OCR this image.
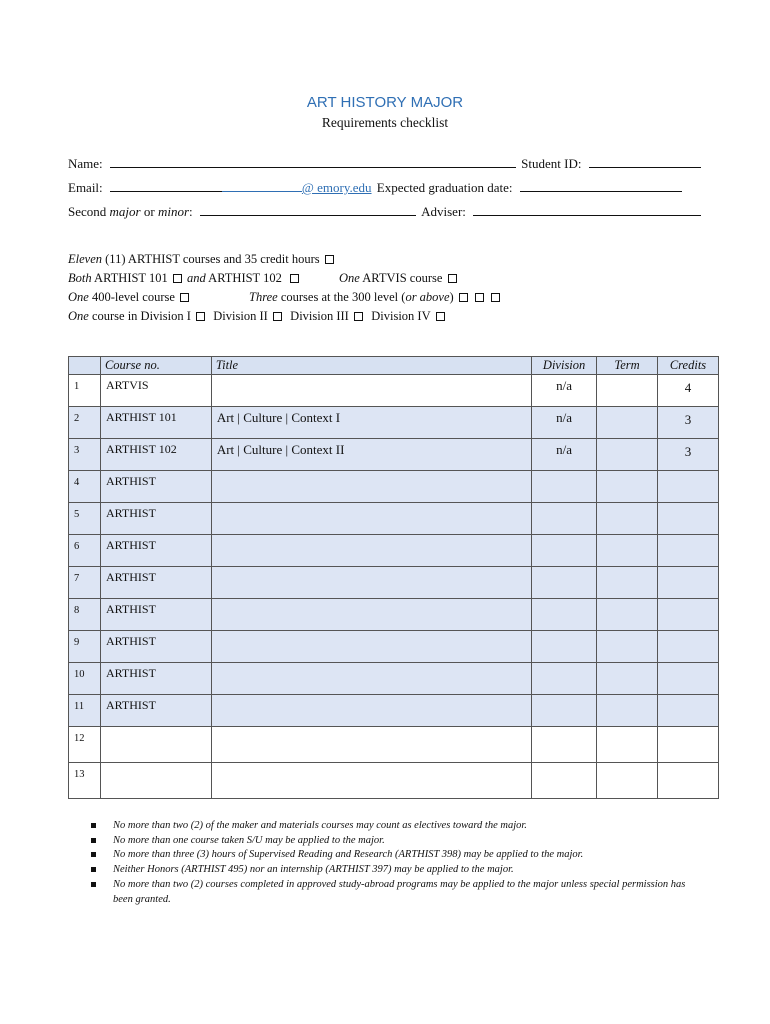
ART HISTORY MAJOR
Requirements checklist
Name:	Student ID:
Email:	@ emory.edu Expected graduation date:
Second major or minor:	Adviser:
Eleven (11) ARTHIST courses and 35 credit hours
Both ARTHIST 101 and ARTHIST 102	One ARTVIS course
One 400-level course	Three courses at the 300 level (or above)
One course in Division I Division II Division III Division IV
	Course no.	Title	Division	Term	Credits
1	ARTVIS		n/a		4
2	ARTHIST 101	Art | Culture | Context I	n/a		3
3	ARTHIST 102	Art | Culture | Context II	n/a		3
4	ARTHIST				
5	ARTHIST				
6	ARTHIST				
7	ARTHIST				
8	ARTHIST				
9	ARTHIST				
10	ARTHIST				
11	ARTHIST				
12					
13					
No more than two (2) of the maker and materials courses may count as electives toward the major.
No more than one course taken S/U may be applied to the major.
No more than three (3) hours of Supervised Reading and Research (ARTHIST 398) may be applied to the major.
Neither Honors (ARTHIST 495) nor an internship (ARTHIST 397) may be applied to the major.
No more than two (2) courses completed in approved study-abroad programs may be applied to the major unless special permission has been granted.
